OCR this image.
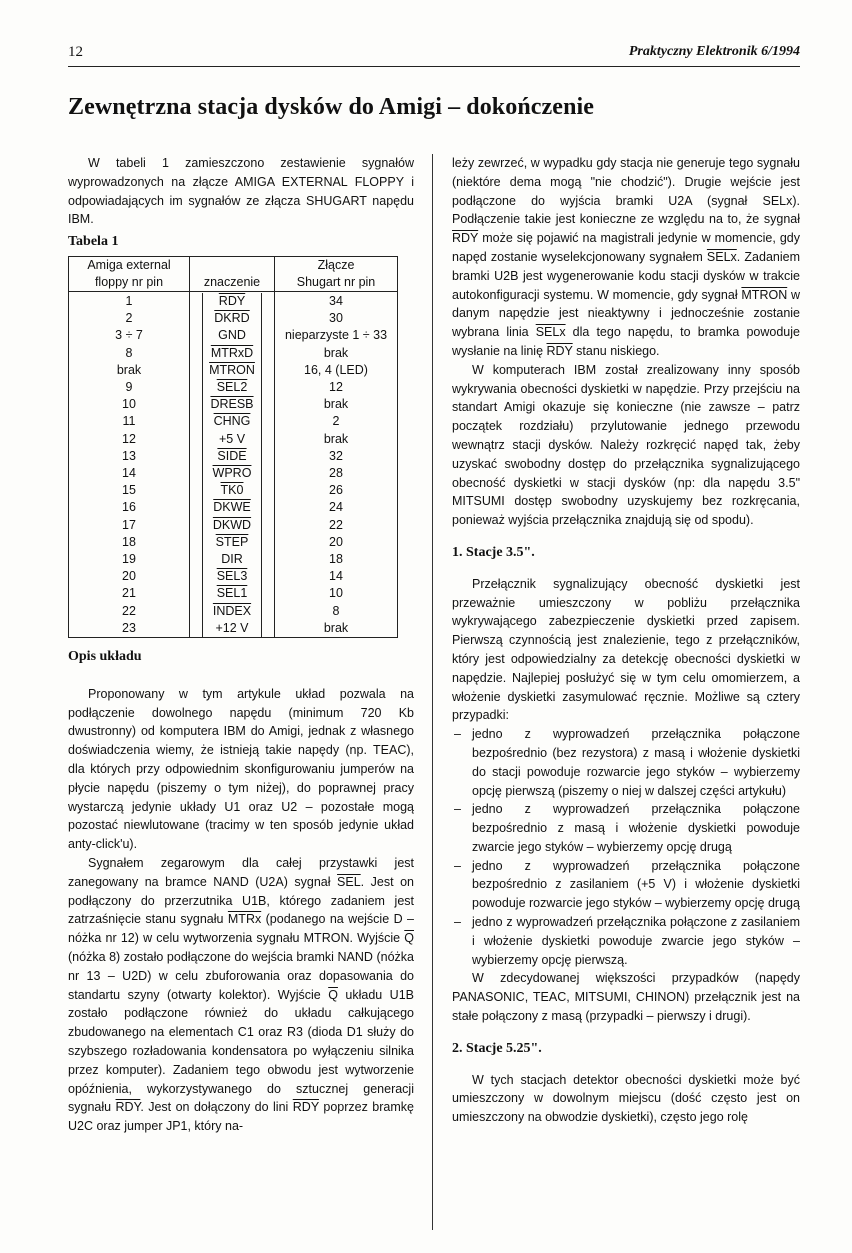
12	Praktyczny Elektronik 6/1994
Zewnętrzna stacja dysków do Amigi – dokończenie

W tabeli 1 zamieszczono zestawienie sygnałów wyprowadzonych na złącze AMIGA EXTERNAL FLOPPY i odpowiadających im sygnałów ze złącza SHUGART napędu IBM.

Tabela 1
Amiga external
floppy nr pin	znaczenie	Złącze
Shugart nr pin
1	$\overline{RDY}$	34
2	DKRD	30
3 ÷ 7	GND	nieparzyste 1 ÷ 33
8	MTRxD	brak
brak	MTRON	16, 4 (LED)
9	SEL2	12
10	DRESB	brak
11	CHNG	2
12	+5 V	brak
13	SIDE	32
14	WPRO	28
15	TK0	26
16	DKWE	24
17	DKWD	22
18	STEP	20
19	DIR	18
20	SEL3	14
21	SEL1	10
22	INDEX	8
23	+12 V	brak
Opis układu

Proponowany w tym artykule układ pozwala na podłączenie dowolnego napędu (minimum 720 Kb dwustronny) od komputera IBM do Amigi, jednak z własnego doświadczenia wiemy, że istnieją takie napędy (np. TEAC), dla których przy odpowiednim skonfigurowaniu jumperów na płycie napędu (piszemy o tym niżej), do poprawnej pracy wystarczą jedynie układy U1 oraz U2 – pozostałe mogą pozostać niewlutowane (tracimy w ten sposób jedynie układ anty-click'u).

Sygnałem zegarowym dla całej przystawki jest zanegowany na bramce NAND (U2A) sygnał $\overline{SEL}$. Jest on podłączony do przerzutnika U1B, którego zadaniem jest zatrzaśnięcie stanu sygnału MTRx (podanego na wejście D – nóżka nr 12) w celu wytworzenia sygnału MTRON. Wyjście $\overline{Q}$ (nóżka 8) zostało podłączone do wejścia bramki NAND (nóżka nr 13 – U2D) w celu zbuforowania oraz dopasowania do standartu szyny (otwarty kolektor). Wyjście $\overline{Q}$ układu U1B zostało podłączone również do układu całkującego zbudowanego na elementach C1 oraz R3 (dioda D1 służy do szybszego rozładowania kondensatora po wyłączeniu silnika przez komputer). Zadaniem tego obwodu jest wytworzenie opóźnienia, wykorzystywanego do sztucznej generacji sygnału $\overline{RDY}$. Jest on dołączony do lini $\overline{RDY}$ poprzez bramkę U2C oraz jumper JP1, który na-

leży zewrzeć, w wypadku gdy stacja nie generuje tego sygnału (niektóre dema mogą "nie chodzić"). Drugie wejście jest podłączone do wyjścia bramki U2A (sygnał SELx). Podłączenie takie jest konieczne ze względu na to, że sygnał $\overline{RDY}$ może się pojawić na magistrali jedynie w momencie, gdy napęd zostanie wyselekcjonowany sygnałem SELx. Zadaniem bramki U2B jest wygenerowanie kodu stacji dysków w trakcie autokonfiguracji systemu. W momencie, gdy sygnał MTRON w danym napędzie jest nieaktywny i jednocześnie zostanie wybrana linia SELx dla tego napędu, to bramka powoduje wysłanie na linię $\overline{RDY}$ stanu niskiego.

W komputerach IBM został zrealizowany inny sposób wykrywania obecności dyskietki w napędzie. Przy przejściu na standart Amigi okazuje się konieczne (nie zawsze – patrz początek rozdziału) przylutowanie jednego przewodu wewnątrz stacji dysków. Należy rozkręcić napęd tak, żeby uzyskać swobodny dostęp do przełącznika sygnalizującego obecność dyskietki w stacji dysków (np: dla napędu 3.5" MITSUMI dostęp swobodny uzyskujemy bez rozkręcania, ponieważ wyjścia przełącznika znajdują się od spodu).

1. Stacje 3.5".

Przełącznik sygnalizujący obecność dyskietki jest przeważnie umieszczony w pobliżu przełącznika wykrywającego zabezpieczenie dyskietki przed zapisem. Pierwszą czynnością jest znalezienie, tego z przełączników, który jest odpowiedzialny za detekcję obecności dyskietki w napędzie. Najlepiej posłużyć się w tym celu omomierzem, a włożenie dyskietki zasymulować ręcznie. Możliwe są cztery przypadki:

– jedno z wyprowadzeń przełącznika połączone bezpośrednio (bez rezystora) z masą i włożenie dyskietki do stacji powoduje rozwarcie jego styków – wybierzemy opcję pierwszą (piszemy o niej w dalszej części artykułu)
– jedno z wyprowadzeń przełącznika połączone bezpośrednio z masą i włożenie dyskietki powoduje zwarcie jego styków – wybierzemy opcję drugą
– jedno z wyprowadzeń przełącznika połączone bezpośrednio z zasilaniem (+5 V) i włożenie dyskietki powoduje rozwarcie jego styków – wybierzemy opcję drugą
– jedno z wyprowadzeń przełącznika połączone z zasilaniem i włożenie dyskietki powoduje zwarcie jego styków – wybierzemy opcję pierwszą.

W zdecydowanej większości przypadków (napędy PANASONIC, TEAC, MITSUMI, CHINON) przełącznik jest na stałe połączony z masą (przypadki – pierwszy i drugi).

2. Stacje 5.25".

W tych stacjach detektor obecności dyskietki może być umieszczony w dowolnym miejscu (dość często jest on umieszczony na obwodzie dyskietki), często jego rolę
